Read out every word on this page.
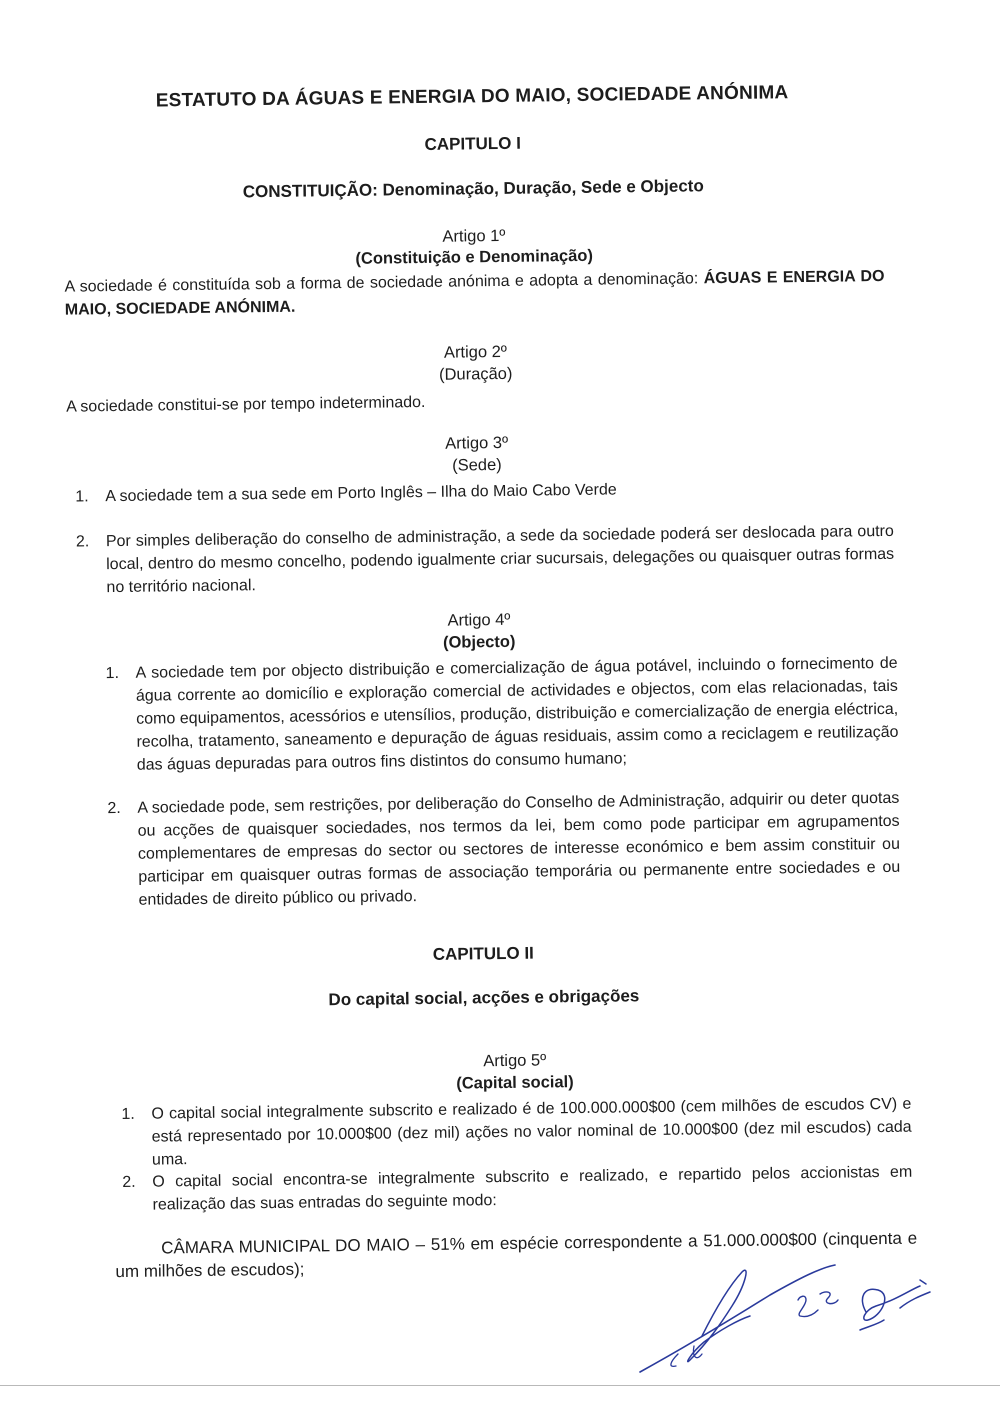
ESTATUTO DA ÁGUAS E ENERGIA DO MAIO, SOCIEDADE ANÓNIMA
CAPITULO I
CONSTITUIÇÃO: Denominação, Duração, Sede e Objecto
Artigo 1º
(Constituição e Denominação)
A sociedade é constituída sob a forma de sociedade anónima e adopta a denominação: ÁGUAS E ENERGIA DO MAIO, SOCIEDADE ANÓNIMA.
Artigo 2º
(Duração)
A sociedade constitui-se por tempo indeterminado.
Artigo 3º
(Sede)
1. A sociedade tem a sua sede em Porto Inglês – Ilha do Maio Cabo Verde
2. Por simples deliberação do conselho de administração, a sede da sociedade poderá ser deslocada para outro local, dentro do mesmo concelho, podendo igualmente criar sucursais, delegações ou quaisquer outras formas no território nacional.
Artigo 4º
(Objecto)
1. A sociedade tem por objecto distribuição e comercialização de água potável, incluindo o fornecimento de água corrente ao domicílio e exploração comercial de actividades e objectos, com elas relacionadas, tais como equipamentos, acessórios e utensílios, produção, distribuição e comercialização de energia eléctrica, recolha, tratamento, saneamento e depuração de águas residuais, assim como a reciclagem e reutilização das águas depuradas para outros fins distintos do consumo humano;
2. A sociedade pode, sem restrições, por deliberação do Conselho de Administração, adquirir ou deter quotas ou acções de quaisquer sociedades, nos termos da lei, bem como pode participar em agrupamentos complementares de empresas do sector ou sectores de interesse económico e bem assim constituir ou participar em quaisquer outras formas de associação temporária ou permanente entre sociedades e ou entidades de direito público ou privado.
CAPITULO II
Do capital social, acções e obrigações
Artigo 5º
(Capital social)
1. O capital social integralmente subscrito e realizado é de 100.000.000$00 (cem milhões de escudos CV) e está representado por 10.000$00 (dez mil) ações no valor nominal de 10.000$00 (dez mil escudos) cada uma.
2. O capital social encontra-se integralmente subscrito e realizado, e repartido pelos accionistas em realização das suas entradas do seguinte modo:
CÂMARA MUNICIPAL DO MAIO – 51% em espécie correspondente a 51.000.000$00 (cinquenta e um milhões de escudos);
